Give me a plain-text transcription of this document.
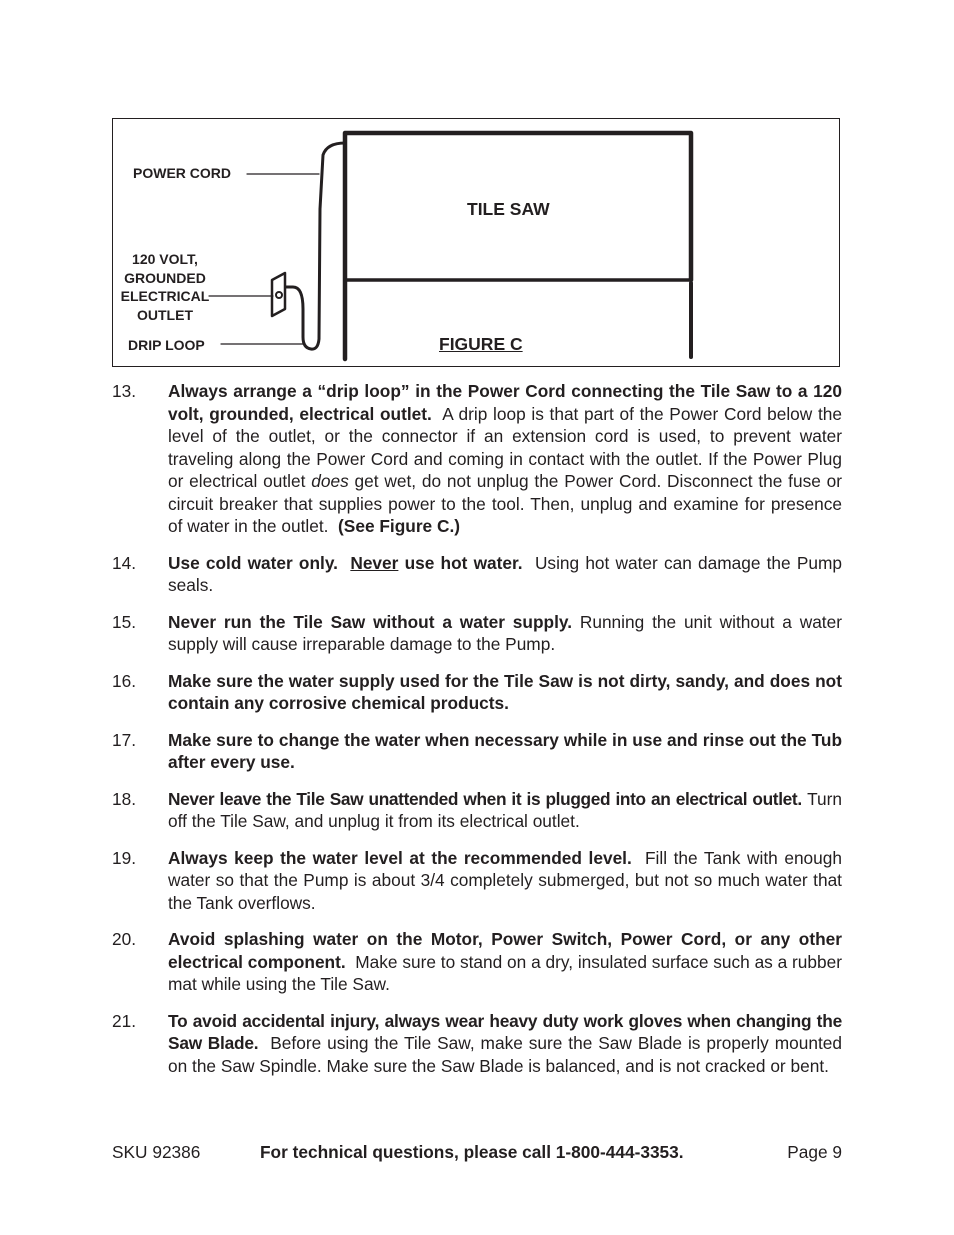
POWER CORD
TILE SAW
120 VOLT,
GROUNDED
ELECTRICAL
OUTLET
DRIP LOOP	FIGURE C
13.	Always arrange a “drip loop” in the Power Cord connecting the Tile Saw to a 120 volt, grounded, electrical outlet. A drip loop is that part of the Power Cord below the level of the outlet, or the connector if an extension cord is used, to prevent water traveling along the Power Cord and coming in contact with the outlet. If the Power Plug or electrical outlet does get wet, do not unplug the Power Cord. Disconnect the fuse or circuit breaker that supplies power to the tool. Then, unplug and examine for presence of water in the outlet. (See Figure C.)
14.	Use cold water only. Never use hot water. Using hot water can damage the Pump seals.
15.	Never run the Tile Saw without a water supply. Running the unit without a water supply will cause irreparable damage to the Pump.
16.	Make sure the water supply used for the Tile Saw is not dirty, sandy, and does not contain any corrosive chemical products.
17.	Make sure to change the water when necessary while in use and rinse out the Tub after every use.
18.	Never leave the Tile Saw unattended when it is plugged into an electrical outlet. Turn off the Tile Saw, and unplug it from its electrical outlet.
19.	Always keep the water level at the recommended level. Fill the Tank with enough water so that the Pump is about 3/4 completely submerged, but not so much water that the Tank overflows.
20.	Avoid splashing water on the Motor, Power Switch, Power Cord, or any other electrical component. Make sure to stand on a dry, insulated surface such as a rubber mat while using the Tile Saw.
21.	To avoid accidental injury, always wear heavy duty work gloves when changing the Saw Blade. Before using the Tile Saw, make sure the Saw Blade is properly mounted on the Saw Spindle. Make sure the Saw Blade is balanced, and is not cracked or bent.
SKU 92386	For technical questions, please call 1-800-444-3353.	Page 9
